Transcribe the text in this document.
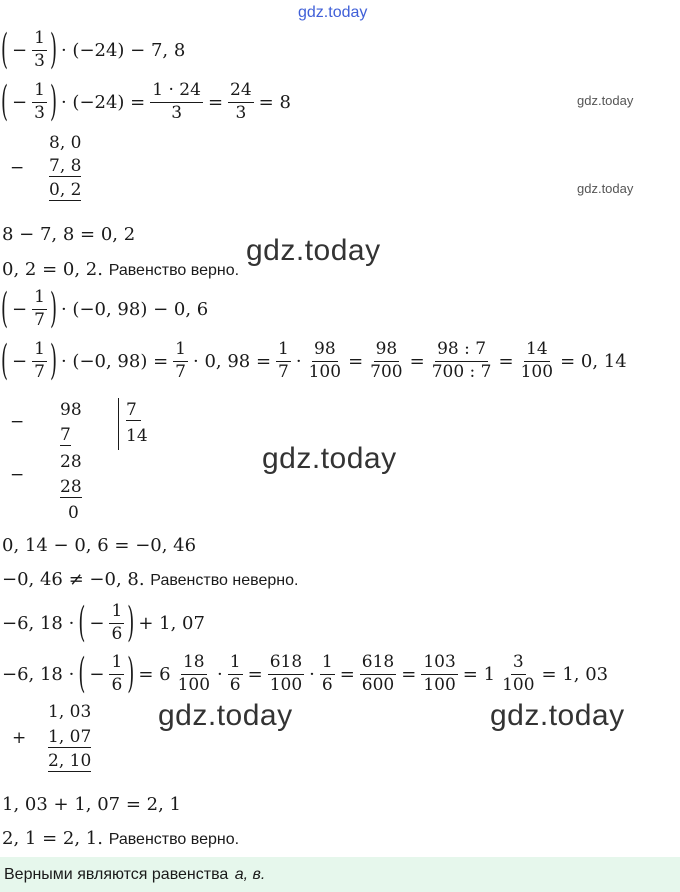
gdz.today
gdz.today
gdz.today
gdz.today
gdz.today
gdz.today	gdz.today
( − $\frac{1}{3}$ ) · (−24) − 7, 8
( − $\frac{1}{3}$ ) · $(-24) = \frac{1 \cdot 24}{3} = \frac{24}{3} = 8$
8, 0
− 7, 8
0, 2
8 − 7, 8 = 0, 2
0, 2 = 0, 2. Равенство верно.
( − $\frac{1}{7}$ ) · (−0, 98) − 0, 6
( − $\frac{1}{7}$ ) · (−0, $98) = \frac{1}{7} \cdot 0$, $98 = \frac{1}{7} \cdot \frac{98}{100} = \frac{98}{700} = \frac{98 : 7}{700 : 7} = \frac{14}{100} = 0$, 14
−
98
7
28
−
28
0
7
14
0, 14 − 0, 6 = −0, 46
−0, 46 ≠ −0, 8. Равенство неверно.
−6, 18 · ( − $\frac{1}{6}$ ) + 1, 07
−6, 18 · ( − $\frac{1}{6}$ ) = 6
18
$100 \cdot \frac{1}{6} = \frac{618}{100} \cdot \frac{1}{6} = \frac{618}{600} = \frac{103}{100} = 1 \frac{3}{100} = 1$, 03
1, 03
+ 1, 07
2, 10
1, 03 + 1, 07 = 2, 1
2, 1 = 2, 1. Равенство верно.
Верными являются равенства а, в.
